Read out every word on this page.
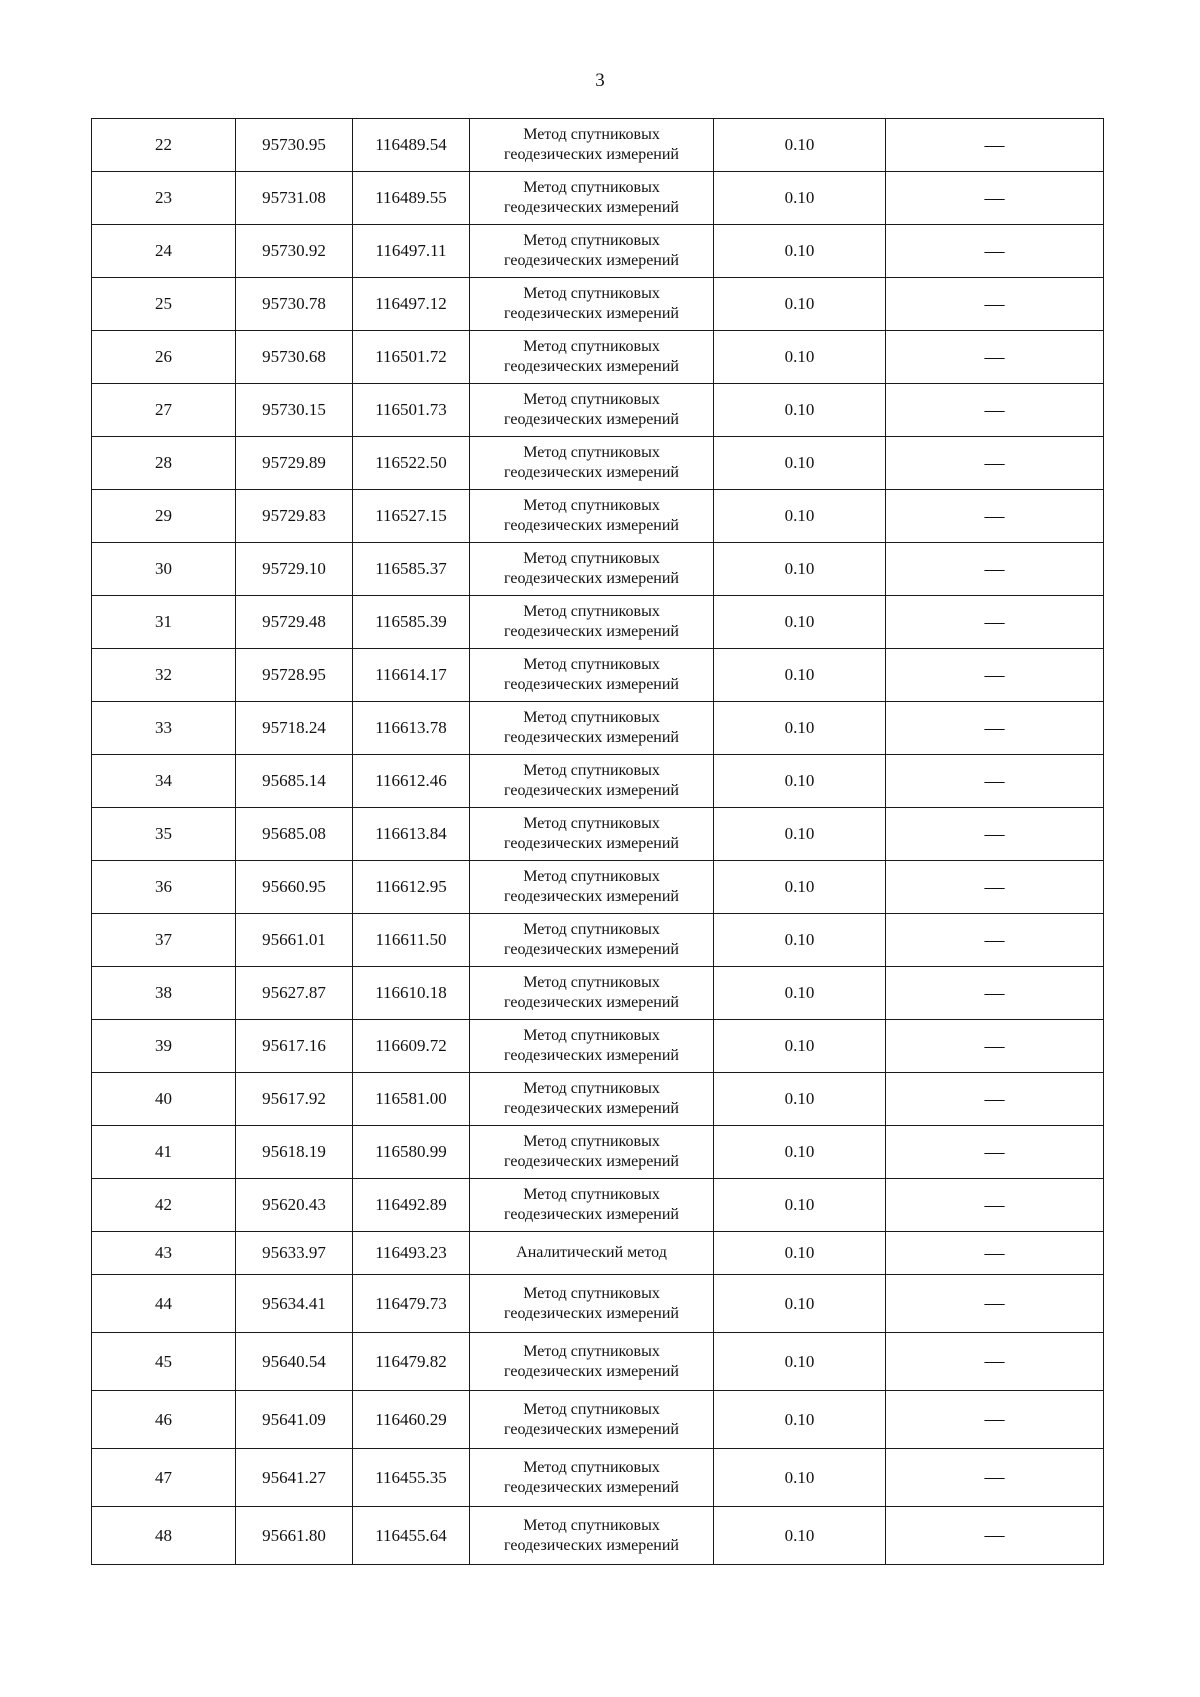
3
22	95730.95	116489.54	Метод спутниковых геодезических измерений	0.10	—
23	95731.08	116489.55	Метод спутниковых геодезических измерений	0.10	—
24	95730.92	116497.11	Метод спутниковых геодезических измерений	0.10	—
25	95730.78	116497.12	Метод спутниковых геодезических измерений	0.10	—
26	95730.68	116501.72	Метод спутниковых геодезических измерений	0.10	—
27	95730.15	116501.73	Метод спутниковых геодезических измерений	0.10	—
28	95729.89	116522.50	Метод спутниковых геодезических измерений	0.10	—
29	95729.83	116527.15	Метод спутниковых геодезических измерений	0.10	—
30	95729.10	116585.37	Метод спутниковых геодезических измерений	0.10	—
31	95729.48	116585.39	Метод спутниковых геодезических измерений	0.10	—
32	95728.95	116614.17	Метод спутниковых геодезических измерений	0.10	—
33	95718.24	116613.78	Метод спутниковых геодезических измерений	0.10	—
34	95685.14	116612.46	Метод спутниковых геодезических измерений	0.10	—
35	95685.08	116613.84	Метод спутниковых геодезических измерений	0.10	—
36	95660.95	116612.95	Метод спутниковых геодезических измерений	0.10	—
37	95661.01	116611.50	Метод спутниковых геодезических измерений	0.10	—
38	95627.87	116610.18	Метод спутниковых геодезических измерений	0.10	—
39	95617.16	116609.72	Метод спутниковых геодезических измерений	0.10	—
40	95617.92	116581.00	Метод спутниковых геодезических измерений	0.10	—
41	95618.19	116580.99	Метод спутниковых геодезических измерений	0.10	—
42	95620.43	116492.89	Метод спутниковых геодезических измерений	0.10	—
43	95633.97	116493.23	Аналитический метод	0.10	—
44	95634.41	116479.73	Метод спутниковых геодезических измерений	0.10	—
45	95640.54	116479.82	Метод спутниковых геодезических измерений	0.10	—
46	95641.09	116460.29	Метод спутниковых геодезических измерений	0.10	—
47	95641.27	116455.35	Метод спутниковых геодезических измерений	0.10	—
48	95661.80	116455.64	Метод спутниковых геодезических измерений	0.10	—
